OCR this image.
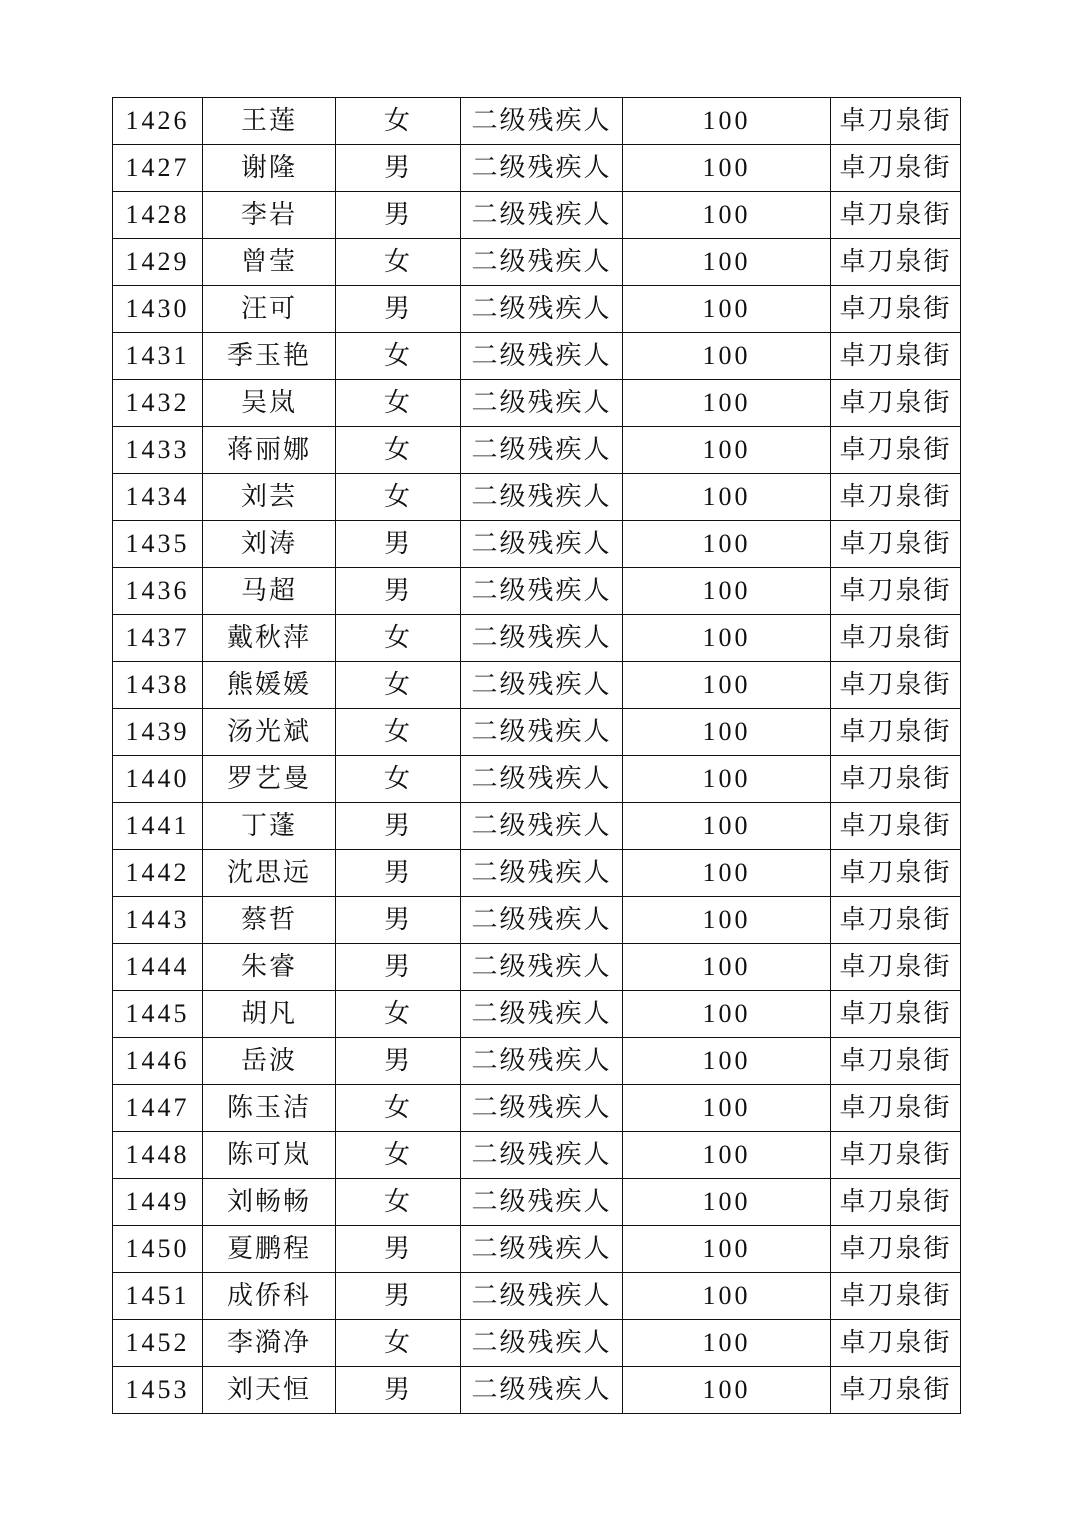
1426	王莲	女	二级残疾人	100	卓刀泉街
1427	谢隆	男	二级残疾人	100	卓刀泉街
1428	李岩	男	二级残疾人	100	卓刀泉街
1429	曾莹	女	二级残疾人	100	卓刀泉街
1430	汪可	男	二级残疾人	100	卓刀泉街
1431	季玉艳	女	二级残疾人	100	卓刀泉街
1432	吴岚	女	二级残疾人	100	卓刀泉街
1433	蒋丽娜	女	二级残疾人	100	卓刀泉街
1434	刘芸	女	二级残疾人	100	卓刀泉街
1435	刘涛	男	二级残疾人	100	卓刀泉街
1436	马超	男	二级残疾人	100	卓刀泉街
1437	戴秋萍	女	二级残疾人	100	卓刀泉街
1438	熊媛媛	女	二级残疾人	100	卓刀泉街
1439	汤光斌	女	二级残疾人	100	卓刀泉街
1440	罗艺曼	女	二级残疾人	100	卓刀泉街
1441	丁蓬	男	二级残疾人	100	卓刀泉街
1442	沈思远	男	二级残疾人	100	卓刀泉街
1443	蔡哲	男	二级残疾人	100	卓刀泉街
1444	朱睿	男	二级残疾人	100	卓刀泉街
1445	胡凡	女	二级残疾人	100	卓刀泉街
1446	岳波	男	二级残疾人	100	卓刀泉街
1447	陈玉洁	女	二级残疾人	100	卓刀泉街
1448	陈可岚	女	二级残疾人	100	卓刀泉街
1449	刘畅畅	女	二级残疾人	100	卓刀泉街
1450	夏鹏程	男	二级残疾人	100	卓刀泉街
1451	成侨科	男	二级残疾人	100	卓刀泉街
1452	李漪净	女	二级残疾人	100	卓刀泉街
1453	刘天恒	男	二级残疾人	100	卓刀泉街
